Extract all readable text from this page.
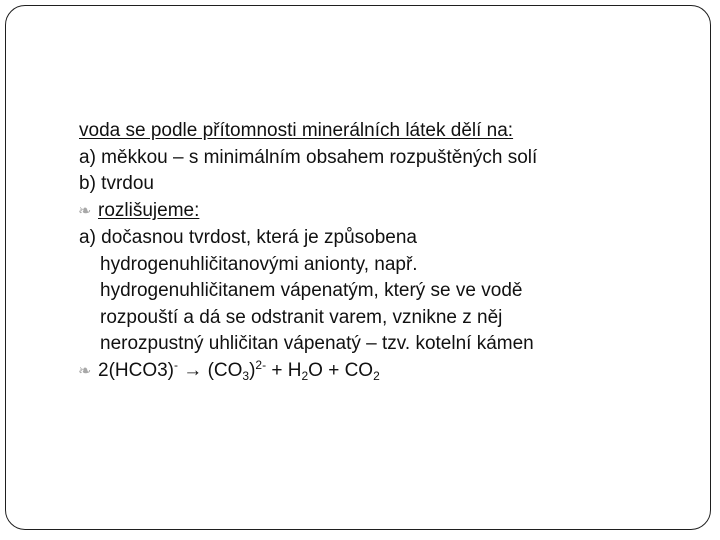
voda se podle přítomnosti minerálních látek dělí na:

a) měkkou – s minimálním obsahem rozpuštěných solí

b) tvrdou

❧ rozlišujeme:

a) dočasnou tvrdost, která je způsobena

hydrogenuhličitanovými anionty, např.

hydrogenuhličitanem vápenatým, který se ve vodě

rozpouští a dá se odstranit varem, vznikne z něj

nerozpustný uhličitan vápenatý – tzv. kotelní kámen

❧ $2(HCO3)^- \to (CO_3)^{2-} + H_2O + CO_2$
